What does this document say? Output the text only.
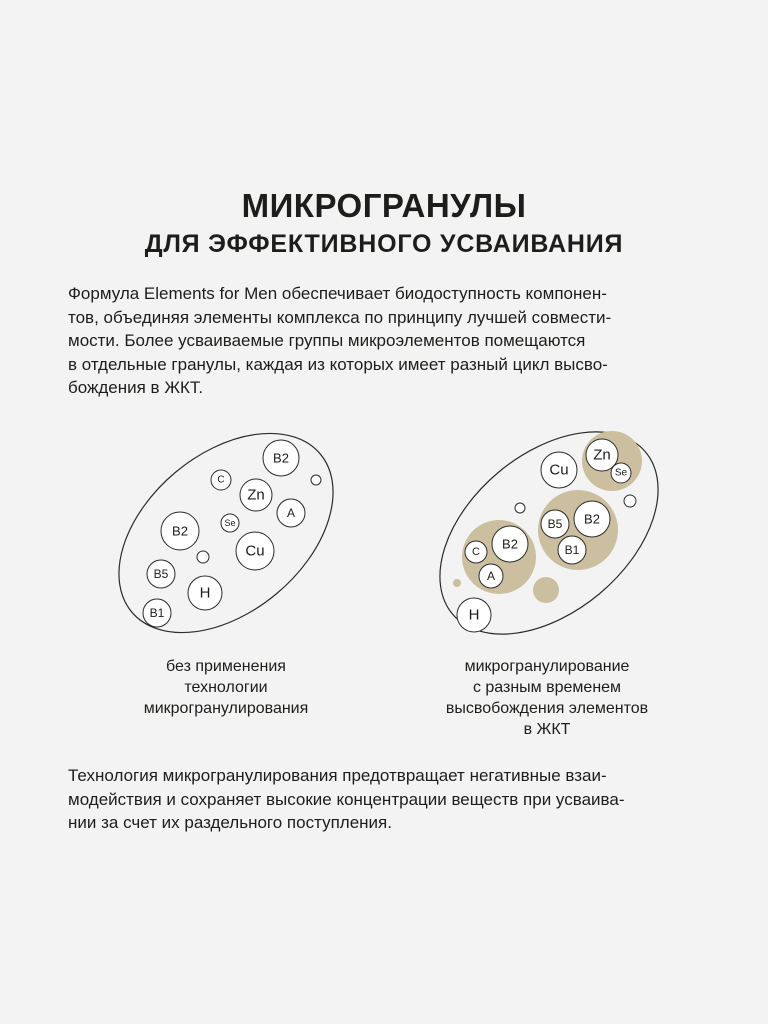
МИКРОГРАНУЛЫ
ДЛЯ ЭФФЕКТИВНОГО УСВАИВАНИЯ

Формула Elements for Men обеспечивает биодоступность компонен-
тов, объединяя элементы комплекса по принципу лучшей совмести-
мости. Более усваиваемые группы микроэлементов помещаются
в отдельные гранулы, каждая из которых имеет разный цикл высво-
бождения в ЖКТ.

B2
C
Zn
A
B2
Se
Cu
B5
H
B1
Zn
Se
Cu
B5 B2
B1
B2
C
A
H

без применения
технологии
микрогранулирования

микрогранулирование
с разным временем
высвобождения элементов
в ЖКТ

Технология микрогранулирования предотвращает негативные взаи-
модействия и сохраняет высокие концентрации веществ при усваива-
нии за счет их раздельного поступления.
